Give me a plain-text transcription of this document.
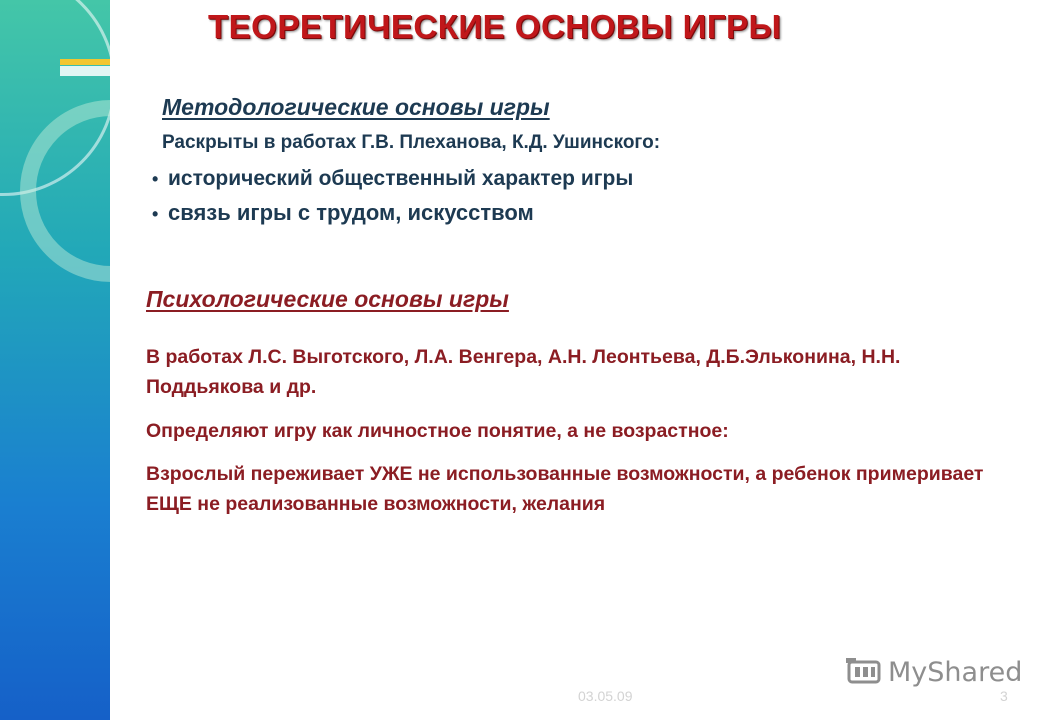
ТЕОРЕТИЧЕСКИЕ ОСНОВЫ ИГРЫ

Методологические основы игры

Раскрыты в работах Г.В. Плеханова, К.Д. Ушинского:

• исторический общественный характер игры
• связь игры с трудом, искусством

Психологические основы игры

В работах Л.С. Выготского, Л.А. Венгера, А.Н. Леонтьева, Д.Б.Эльконина, Н.Н. Поддьякова и др.

Определяют игру как личностное понятие, а не возрастное:

Взрослый переживает УЖЕ не использованные возможности, а ребенок примеривает ЕЩЕ не реализованные возможности, желания

03.05.09	3
MyShared
